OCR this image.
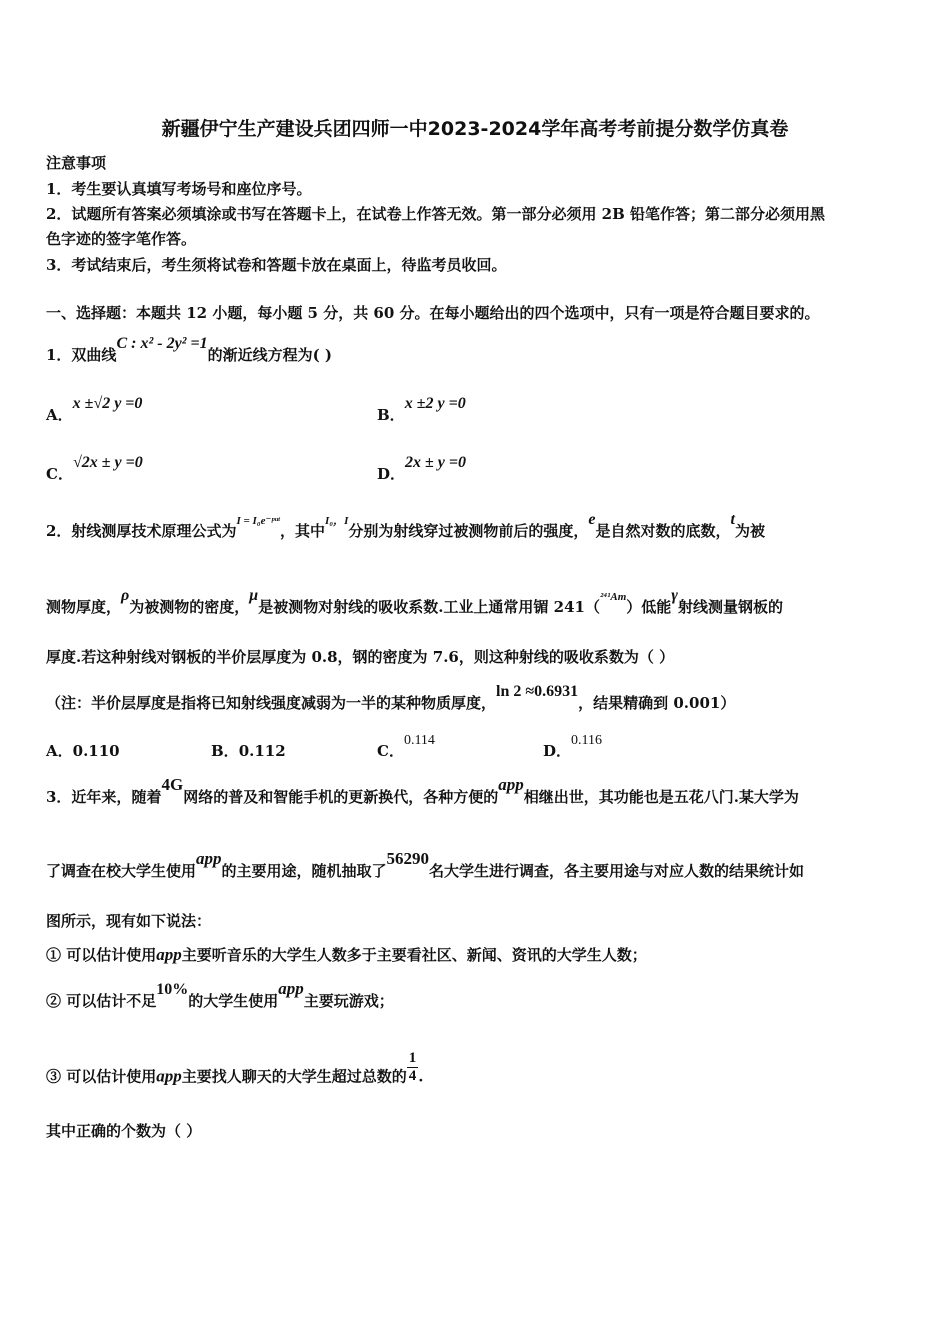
新疆伊宁生产建设兵团四师一中2023-2024学年高考考前提分数学仿真卷
注意事项
1．考生要认真填写考场号和座位序号。
2．试题所有答案必须填涂或书写在答题卡上，在试卷上作答无效。第一部分必须用 2B 铅笔作答；第二部分必须用黑
色字迹的签字笔作答。
3．考试结束后，考生须将试卷和答题卡放在桌面上，待监考员收回。
一、选择题：本题共 12 小题，每小题 5 分，共 60 分。在每小题给出的四个选项中，只有一项是符合题目要求的。
1．双曲线C : x² - 2y² =1的渐近线方程为( )
A．x ±√2 y =0
B．x ±2 y =0
C．√2x ± y =0
D．2x ± y =0
2．射线测厚技术原理公式为$^{I = I_0e^-ᵖᵘᵗ}$，其中$^{I_0,I}$分别为射线穿过被测物前后的强度，e是自然对数的底数，t为被
测物厚度，ρ为被测物的密度，μ是被测物对射线的吸收系数.工业上通常用镅 241（$^{^{241}Am}$）低能γ射线测量钢板的
厚度.若这种射线对钢板的半价层厚度为 0.8，钢的密度为 7.6，则这种射线的吸收系数为（ ）
（注：半价层厚度是指将已知射线强度减弱为一半的某种物质厚度，ln 2 ≈0.6931，结果精确到 0.001）
A．0.110	B．0.112	C．0.114
D．0.116
3．近年来，随着4G网络的普及和智能手机的更新换代，各种方便的app相继出世，其功能也是五花八门.某大学为
了调查在校大学生使用app的主要用途，随机抽取了56290名大学生进行调查，各主要用途与对应人数的结果统计如
图所示，现有如下说法：
① 可以估计使用app主要听音乐的大学生人数多于主要看社区、新闻、资讯的大学生人数；
② 可以估计不足10%的大学生使用app主要玩游戏；
③ 可以估计使用app主要找人聊天的大学生超过总数的 $\frac{1}{4}$ .
其中正确的个数为（ ）
